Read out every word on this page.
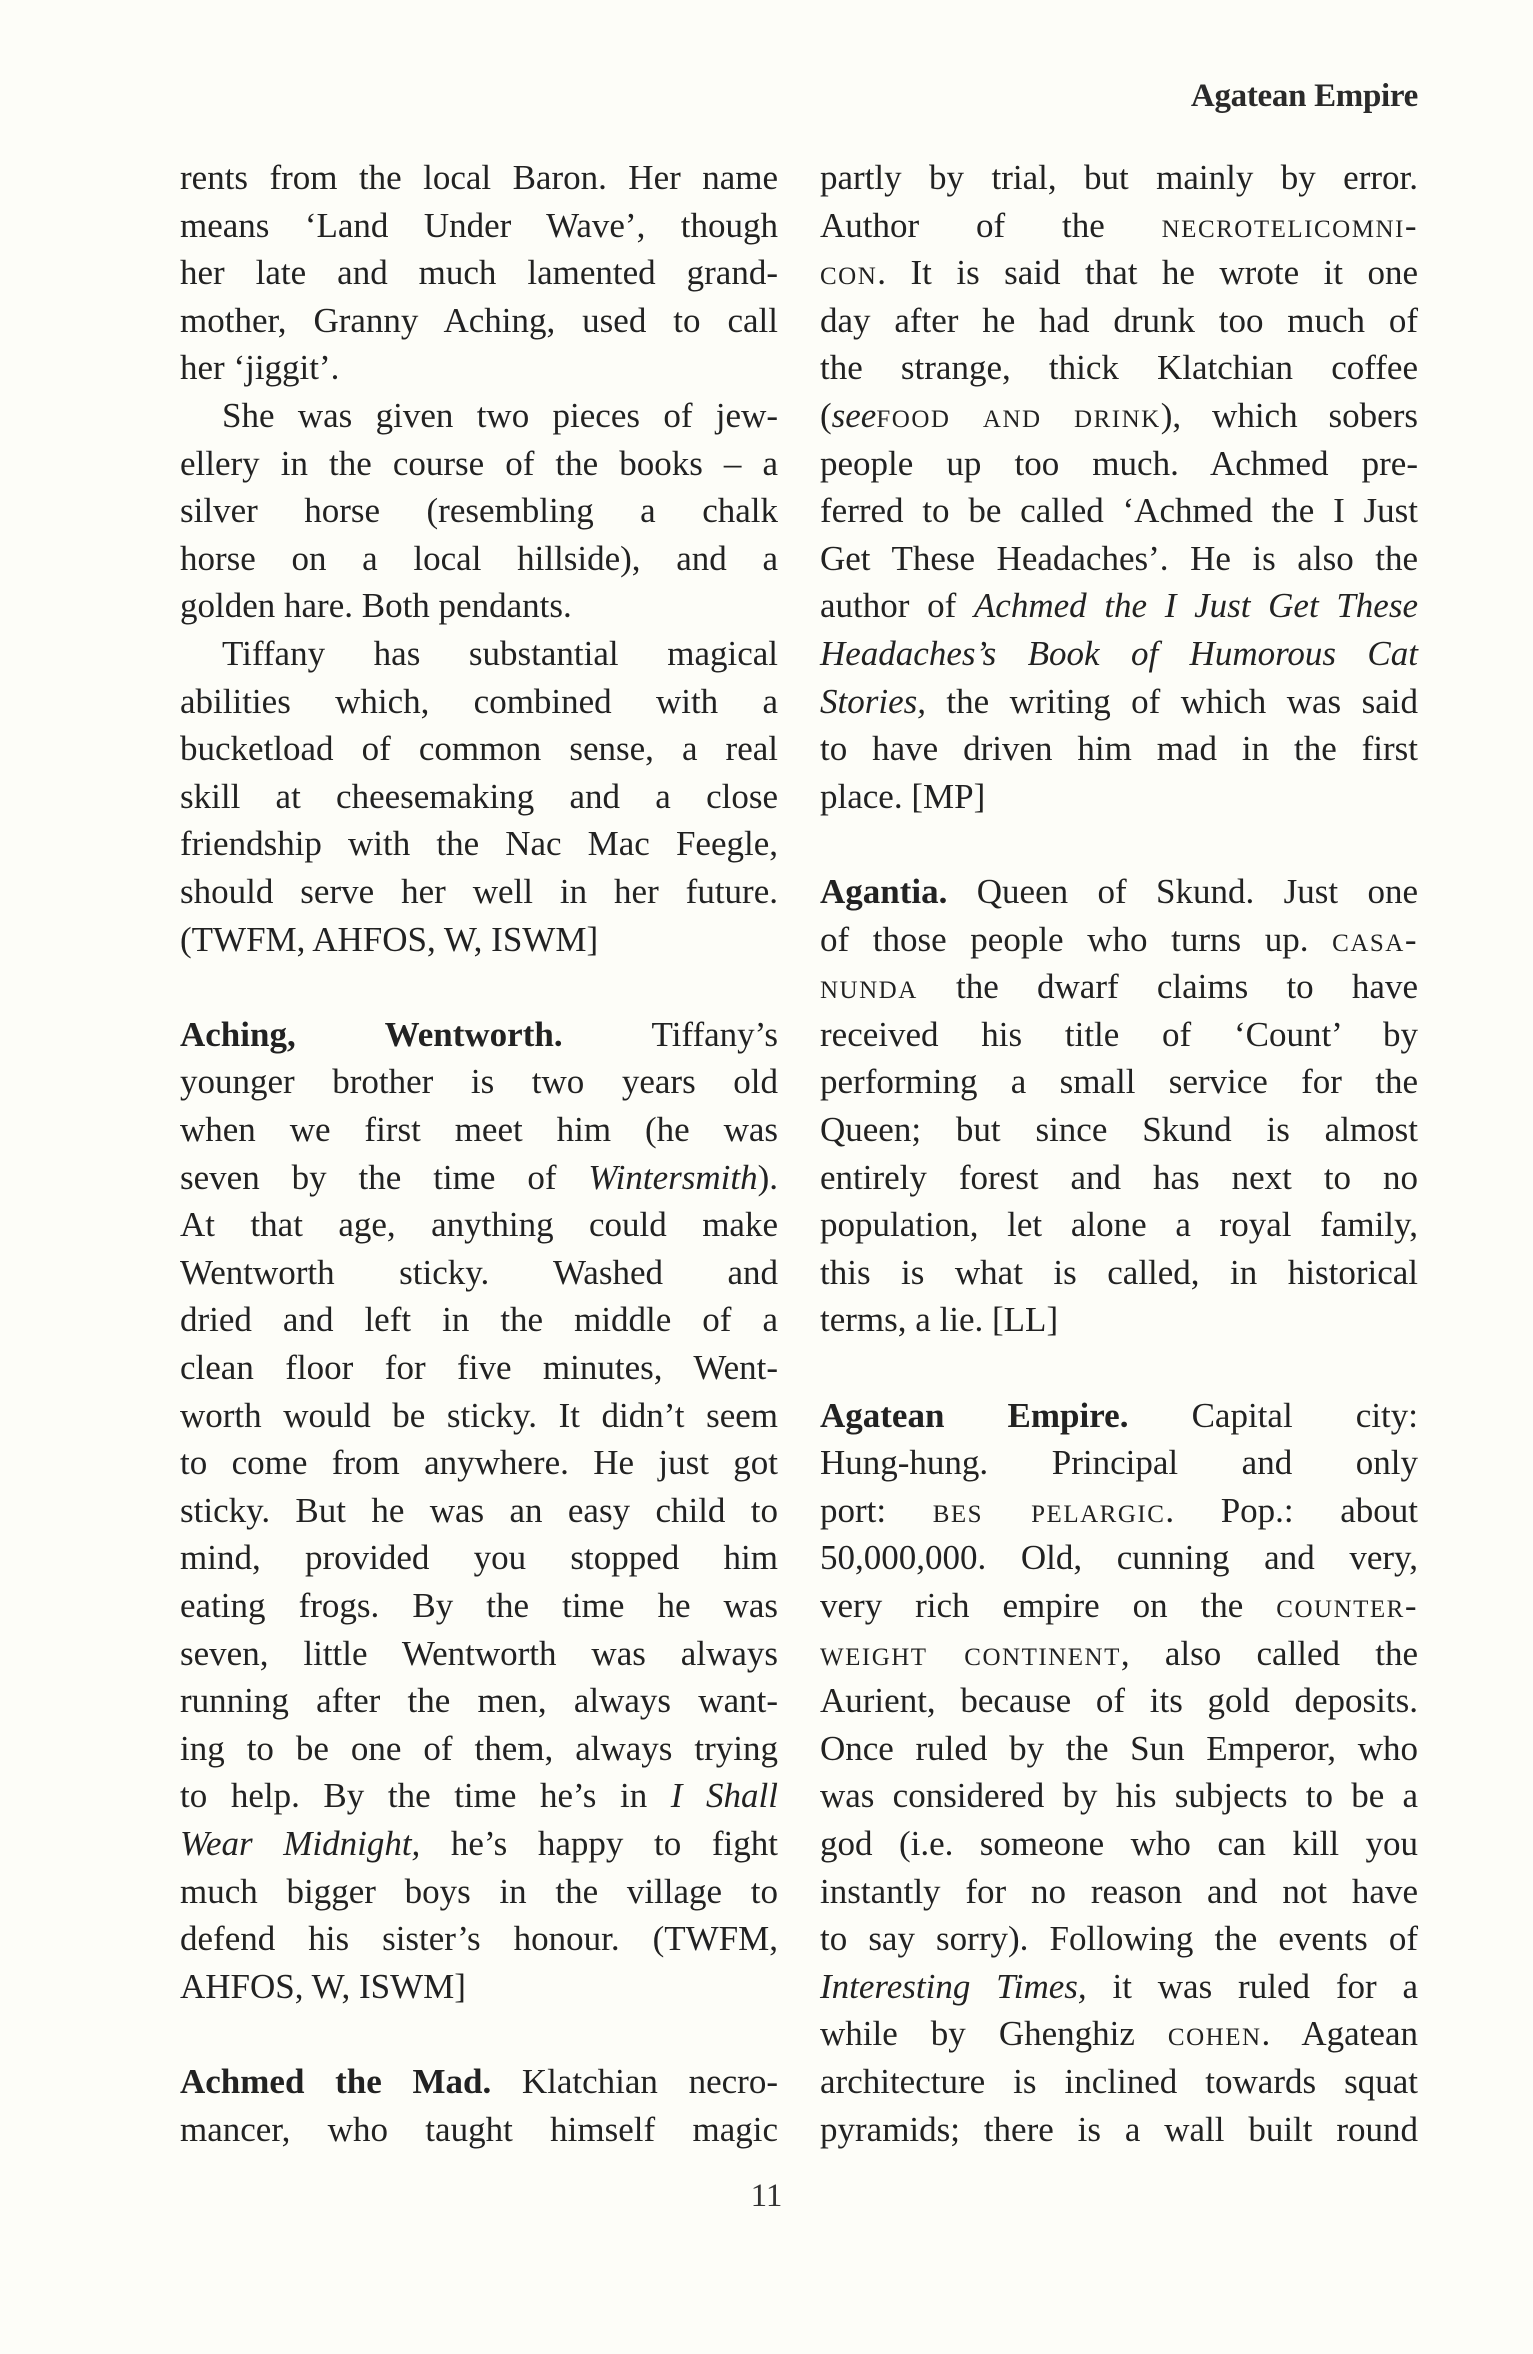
Agatean Empire
rents from the local Baron. Her name
means ‘Land Under Wave’, though
her late and much lamented grand-
mother, Granny Aching, used to call
her ‘jiggit’.
She was given two pieces of jew-
ellery in the course of the books – a
silver horse (resembling a chalk
horse on a local hillside), and a
golden hare. Both pendants.
Tiffany has substantial magical
abilities which, combined with a
bucketload of common sense, a real
skill at cheesemaking and a close
friendship with the Nac Mac Feegle,
should serve her well in her future.
(TWFM, AHFOS, W, ISWM]
Aching, Wentworth. Tiffany’s
younger brother is two years old
when we first meet him (he was
seven by the time of Wintersmith).
At that age, anything could make
Wentworth sticky. Washed and
dried and left in the middle of a
clean floor for five minutes, Went-
worth would be sticky. It didn’t seem
to come from anywhere. He just got
sticky. But he was an easy child to
mind, provided you stopped him
eating frogs. By the time he was
seven, little Wentworth was always
running after the men, always want-
ing to be one of them, always trying
to help. By the time he’s in I Shall
Wear Midnight, he’s happy to fight
much bigger boys in the village to
defend his sister’s honour. (TWFM,
AHFOS, W, ISWM]
Achmed the Mad. Klatchian necro-
mancer, who taught himself magic
partly by trial, but mainly by error.
Author of the necrotelicomni-
con. It is said that he wrote it one
day after he had drunk too much of
the strange, thick Klatchian coffee
(seefood and drink), which sobers
people up too much. Achmed pre-
ferred to be called ‘Achmed the I Just
Get These Headaches’. He is also the
author of Achmed the I Just Get These
Headaches’s Book of Humorous Cat
Stories, the writing of which was said
to have driven him mad in the first
place. [MP]
Agantia. Queen of Skund. Just one
of those people who turns up. casa-
nunda the dwarf claims to have
received his title of ‘Count’ by
performing a small service for the
Queen; but since Skund is almost
entirely forest and has next to no
population, let alone a royal family,
this is what is called, in historical
terms, a lie. [LL]
Agatean Empire. Capital city:
Hung-hung. Principal and only
port: bes pelargic. Pop.: about
50,000,000. Old, cunning and very,
very rich empire on the counter-
weight continent, also called the
Aurient, because of its gold deposits.
Once ruled by the Sun Emperor, who
was considered by his subjects to be a
god (i.e. someone who can kill you
instantly for no reason and not have
to say sorry). Following the events of
Interesting Times, it was ruled for a
while by Ghenghiz cohen. Agatean
architecture is inclined towards squat
pyramids; there is a wall built round
11
